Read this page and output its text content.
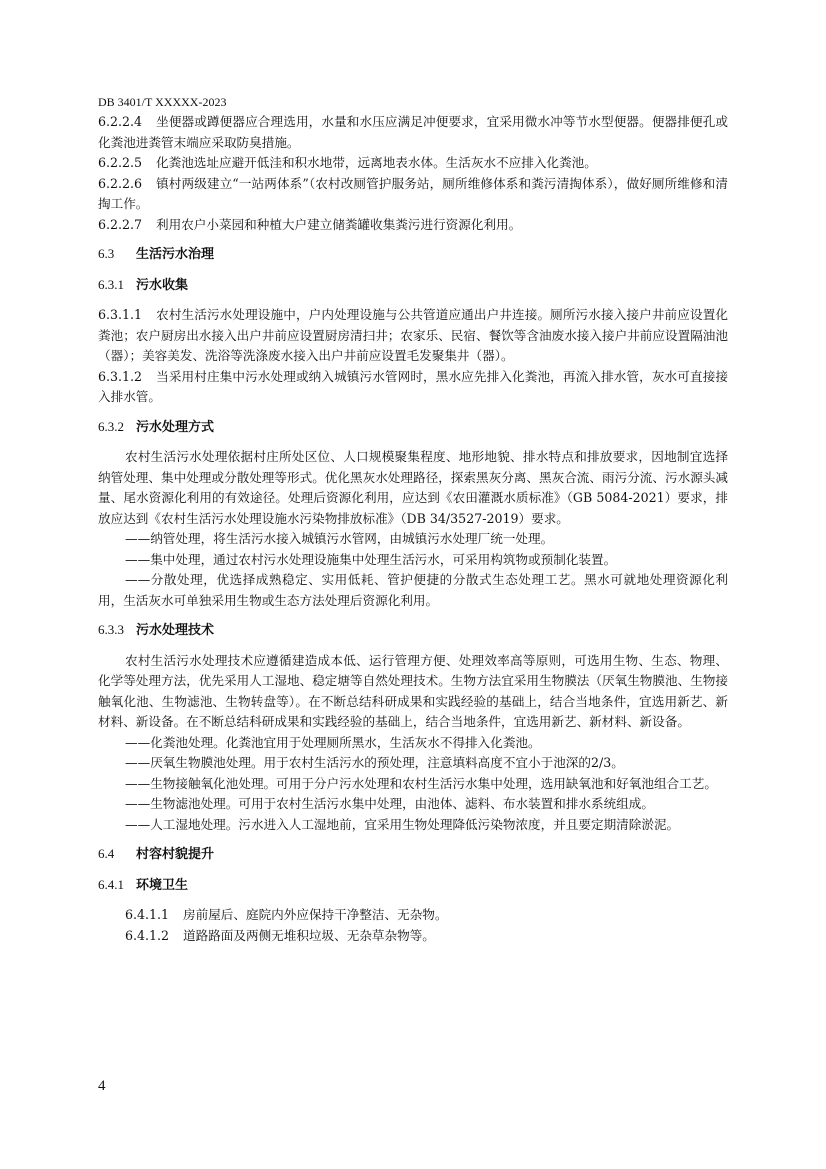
DB 3401/T XXXXX-2023

6.2.2.4 坐便器或蹲便器应合理选用，水量和水压应满足冲便要求，宜采用微水冲等节水型便器。便器排便孔或化粪池进粪管末端应采取防臭措施。

6.2.2.5 化粪池选址应避开低洼和积水地带，远离地表水体。生活灰水不应排入化粪池。

6.2.2.6 镇村两级建立“一站两体系”（农村改厕管护服务站，厕所维修体系和粪污清掏体系），做好厕所维修和清掏工作。

6.2.2.7 利用农户小菜园和种植大户建立储粪罐收集粪污进行资源化利用。

6.3 生活污水治理
6.3.1 污水收集

6.3.1.1 农村生活污水处理设施中，户内处理设施与公共管道应通出户井连接。厕所污水接入接户井前应设置化粪池；农户厨房出水接入出户井前应设置厨房清扫井；农家乐、民宿、餐饮等含油废水接入接户井前应设置隔油池（器）；美容美发、洗浴等洗涤废水接入出户井前应设置毛发聚集井（器）。

6.3.1.2 当采用村庄集中污水处理或纳入城镇污水管网时，黑水应先排入化粪池，再流入排水管，灰水可直接接入排水管。

6.3.2 污水处理方式

农村生活污水处理依据村庄所处区位、人口规模聚集程度、地形地貌、排水特点和排放要求，因地制宜选择纳管处理、集中处理或分散处理等形式。优化黑灰水处理路径，探索黑灰分离、黑灰合流、雨污分流、污水源头减量、尾水资源化利用的有效途径。处理后资源化利用，应达到《农田灌溉水质标准》（GB 5084-2021）要求，排放应达到《农村生活污水处理设施水污染物排放标准》（DB 34/3527-2019）要求。

——纳管处理，将生活污水接入城镇污水管网，由城镇污水处理厂统一处理。

——集中处理，通过农村污水处理设施集中处理生活污水，可采用构筑物或预制化装置。

——分散处理，优选择成熟稳定、实用低耗、管护便捷的分散式生态处理工艺。黑水可就地处理资源化利用，生活灰水可单独采用生物或生态方法处理后资源化利用。

6.3.3 污水处理技术

农村生活污水处理技术应遵循建造成本低、运行管理方便、处理效率高等原则，可选用生物、生态、物理、化学等处理方法，优先采用人工湿地、稳定塘等自然处理技术。生物方法宜采用生物膜法（厌氧生物膜池、生物接触氧化池、生物滤池、生物转盘等）。在不断总结科研成果和实践经验的基础上，结合当地条件，宜选用新艺、新材料、新设备。在不断总结科研成果和实践经验的基础上，结合当地条件，宜选用新艺、新材料、新设备。

——化粪池处理。化粪池宜用于处理厕所黑水，生活灰水不得排入化粪池。

——厌氧生物膜池处理。用于农村生活污水的预处理，注意填料高度不宜小于池深的2/3。

——生物接触氧化池处理。可用于分户污水处理和农村生活污水集中处理，选用缺氧池和好氧池组合工艺。

——生物滤池处理。可用于农村生活污水集中处理，由池体、滤料、布水装置和排水系统组成。

——人工湿地处理。污水进入人工湿地前，宜采用生物处理降低污染物浓度，并且要定期清除淤泥。

6.4 村容村貌提升
6.4.1 环境卫生

6.4.1.1 房前屋后、庭院内外应保持干净整洁、无杂物。

6.4.1.2 道路路面及两侧无堆积垃圾、无杂草杂物等。

4
